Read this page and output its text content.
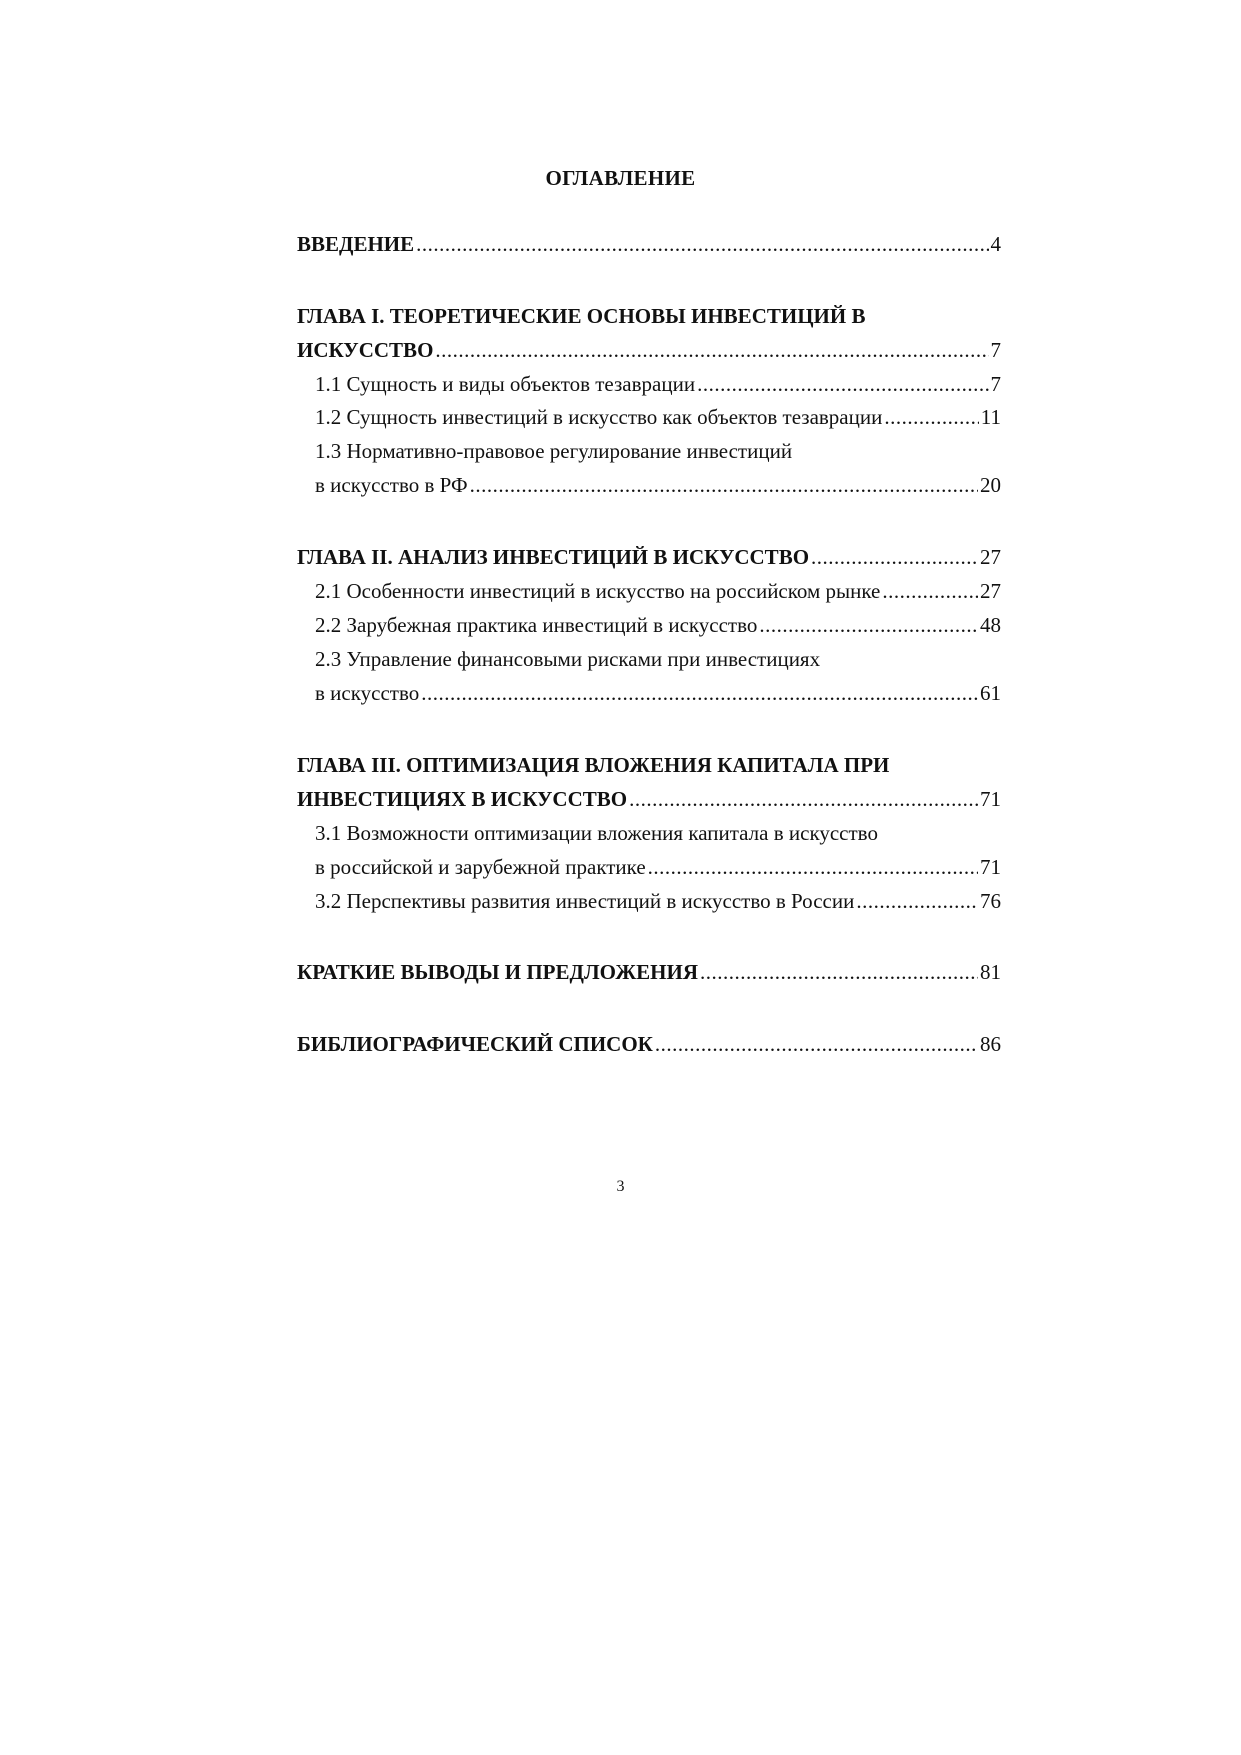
ОГЛАВЛЕНИЕ
ВВЕДЕНИЕ .....	4
ГЛАВА I. ТЕОРЕТИЧЕСКИЕ ОСНОВЫ ИНВЕСТИЦИЙ В
ИСКУССТВО .....	7
1.1 Сущность и виды объектов тезаврации .....	7
1.2 Сущность инвестиций в искусство как объектов тезаврации .....	11
1.3 Нормативно-правовое регулирование инвестиций
в искусство в РФ .....	20
ГЛАВА II. АНАЛИЗ ИНВЕСТИЦИЙ В ИСКУССТВО .....	27
2.1 Особенности инвестиций в искусство на российском рынке .....	27
2.2 Зарубежная практика инвестиций в искусство .....	48
2.3 Управление финансовыми рисками при инвестициях
в искусство .....	61
ГЛАВА III. ОПТИМИЗАЦИЯ ВЛОЖЕНИЯ КАПИТАЛА ПРИ
ИНВЕСТИЦИЯХ В ИСКУССТВО .....	71
3.1 Возможности оптимизации вложения капитала в искусство
в российской и зарубежной практике .....	71
3.2 Перспективы развития инвестиций в искусство в России .....	76
КРАТКИЕ ВЫВОДЫ И ПРЕДЛОЖЕНИЯ .....	81
БИБЛИОГРАФИЧЕСКИЙ СПИСОК .....	86
3
